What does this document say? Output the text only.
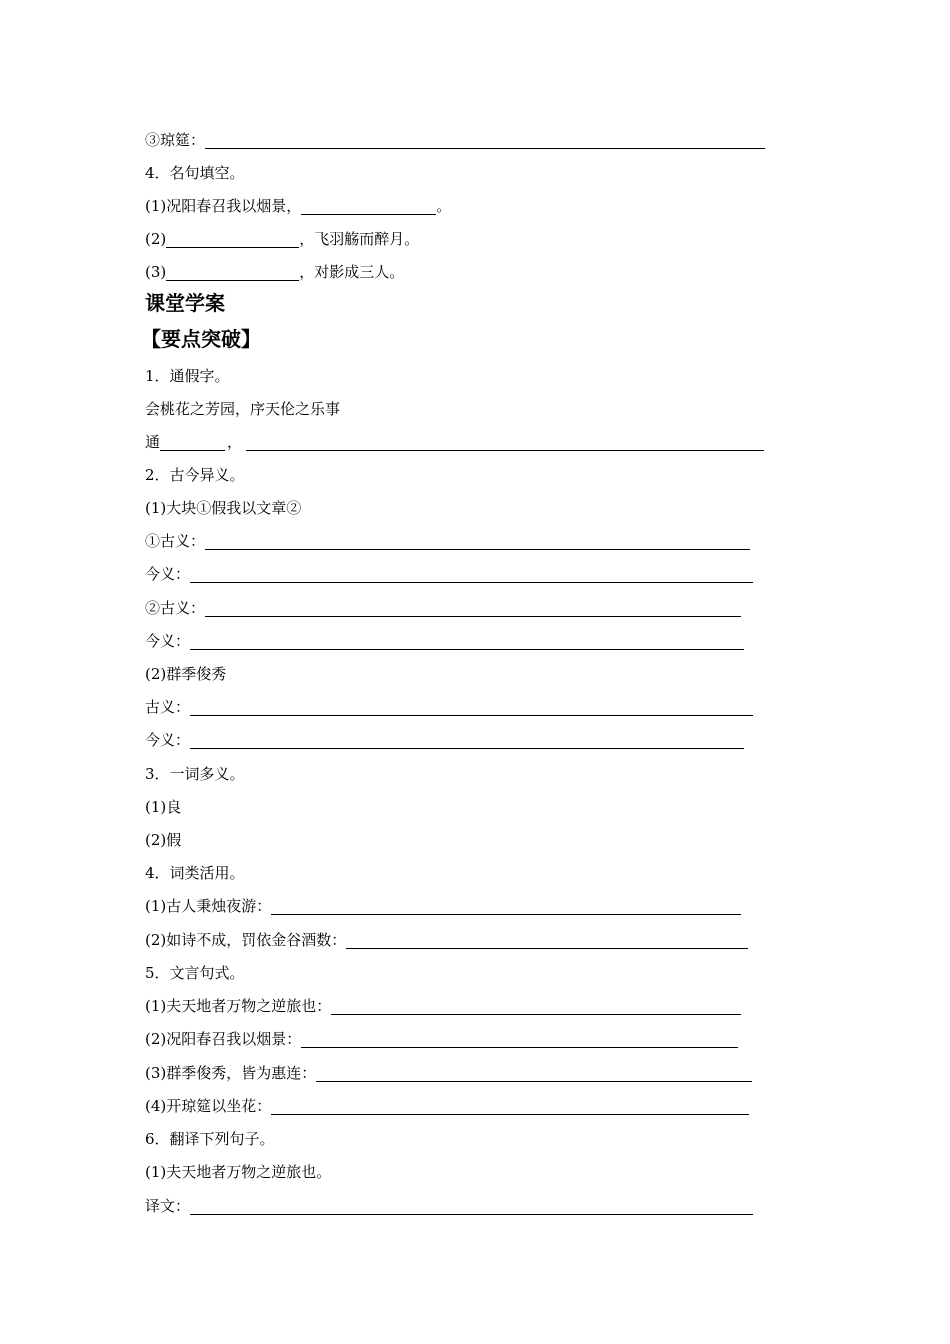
③琼筵：
4．名句填空。
(1)况阳春召我以烟景，	。
(2)	，飞羽觞而醉月。
(3)	，对影成三人。
课堂学案
【要点突破】
1．通假字。
会桃花之芳园，序天伦之乐事
通	，
2．古今异义。
(1)大块①假我以文章②
①古义：
今义：
②古义：
今义：
(2)群季俊秀
古义：
今义：
3．一词多义。
(1)良
(2)假
4．词类活用。
(1)古人秉烛夜游：
(2)如诗不成，罚依金谷酒数：
5．文言句式。
(1)夫天地者万物之逆旅也：
(2)况阳春召我以烟景：
(3)群季俊秀，皆为惠连：
(4)开琼筵以坐花：
6．翻译下列句子。
(1)夫天地者万物之逆旅也。
译文：
